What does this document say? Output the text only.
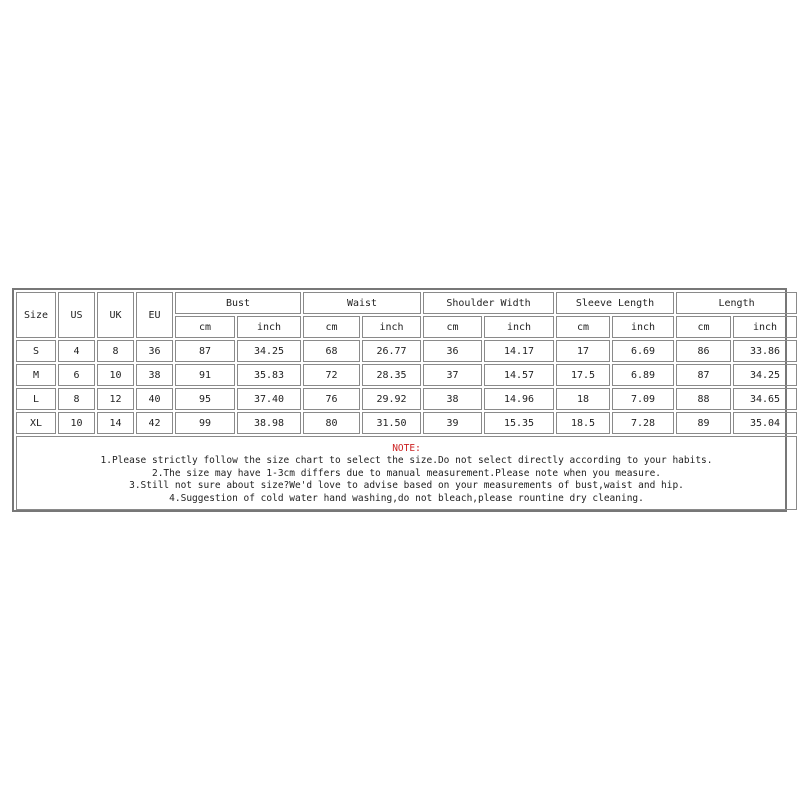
Size	US	UK	EU	Bust		Waist		Shoulder Width		Sleeve Length		Length	
				cm	inch	cm	inch	cm	inch	cm	inch	cm	inch
S	4	8	36	87	34.25	68	26.77	36	14.17	17	6.69	86	33.86
M	6	10	38	91	35.83	72	28.35	37	14.57	17.5	6.89	87	34.25
L	8	12	40	95	37.40	76	29.92	38	14.96	18	7.09	88	34.65
XL	10	14	42	99	38.98	80	31.50	39	15.35	18.5	7.28	89	35.04

NOTE:
1.Please strictly follow the size chart to select the size.Do not select directly according to your habits.
2.The size may have 1-3cm differs due to manual measurement.Please note when you measure.
3.Still not sure about size?We'd love to advise based on your measurements of bust,waist and hip.
4.Suggestion of cold water hand washing,do not bleach,please rountine dry cleaning.													
